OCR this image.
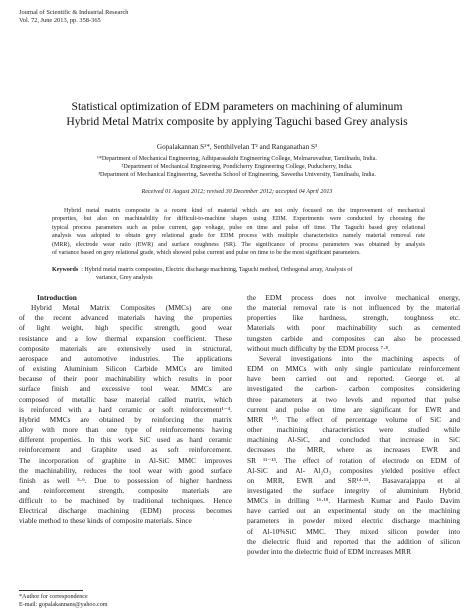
Journal of Scientific & Industrial Research
Vol. 72, June 2013, pp. 358-365
Statistical optimization of EDM parameters on machining of aluminum
Hybrid Metal Matrix composite by applying Taguchi based Grey analysis
Gopalakannan S¹*, Senthilvelan T² and Ranganathan S³
¹*Department of Mechanical Engineering, Adhiparasakthi Engineering College, Melmaruvathur, Tamilnadu, India.
²Department of Mechanical Engineering, Pondicherry Engineering College, Puducherry, India.
³Department of Mechanical Engineering, Saveetha School of Engineering, Saveetha University, Tamilnadu, India.
Received 01 August 2012; revised 30 December 2012; accepted 04 April 2013
Hybrid metal matrix composite is a recent kind of material which are not only focused on the improvement of mechanical
properties, but also on machinability for difficult-to-machine shapes using EDM. Experiments were conducted by choosing the
typical process parameters such as pulse current, gap voltage, pulse on time and pulse off time. The Taguchi based grey relational
analysis was adopted to obtain grey relational grade for EDM process with multiple characteristics namely material removal rate
(MRR), electrode wear ratio (EWR) and surface roughness (SR). The significance of process parameters was obtained by analysis
of variance based on grey relational grade, which showed pulse current and pulse on time to be the most significant parameters.
Keywords : Hybrid metal matrix composites, Electric discharge machining, Taguchi method, Orthogonal array, Analysis of
variance, Grey analysis
Introduction
Hybrid Metal Matrix Composites (MMCs) are one
of the recent advanced materials having the properties
of light weight, high specific strength, good wear
resistance and a low thermal expansion coefficient. These
composite materials are extensively used in structural,
aerospace and automotive industries. The applications
of existing Aluminium Silicon Carbide MMCs are limited
because of their poor machinability which results in poor
surface finish and excessive tool wear. MMCs are
composed of metallic base material called matrix, which
is reinforced with a hard ceramic or soft reinforcement¹⁻⁴.
Hybrid MMCs are obtained by reinforcing the matrix
alloy with more than one type of reinforcements having
different properties. In this work SiC used as hard ceramic
reinforcement and Graphite used as soft reinforcement.
The incorporation of graphite in Al-SiC MMC improves
the machinability, reduces the tool wear with good surface
finish as well ⁵·⁶. Due to possession of higher hardness
and reinforcement strength, composite materials are
difficult to be machined by traditional techniques. Hence
Electrical discharge machining (EDM) process becomes
viable method to these kinds of composite materials. Since
the EDM process does not involve mechanical energy,
the material removal rate is not influenced by the material
properties like hardness, strength, toughness etc.
Materials with poor machinability such as cemented
tungsten carbide and composites can also be processed
without much difficulty by the EDM process ⁷·⁸.
Several investigations into the machining aspects of
EDM on MMCs with only single particulate reinforcement
have been carried out and reported. George et. al
investigated the carbon- carbon composites considering
three parameters at two levels and reported that pulse
current and pulse on time are significant for EWR and
MRR ¹⁰. The effect of percentage volume of SiC and
other machining characteristics were studied while
machining Al-SiC, and concluded that increase in SiC
decreases the MRR, where as increases EWR and
SR ¹¹⁻¹³. The effect of rotation of electrode on EDM of
Al-SiC and Al- Al₂O₃ composites yielded positive effect
on MRR, EWR and SR¹⁴·¹⁵. Basavarajappa et al
investigated the surface integrity of aluminium Hybrid
MMCs in drilling ¹⁶·¹⁸. Harmesh Kumar and Paulo Davim
have carried out an experimental study on the machining
parameters in powder mixed electric discharge machining
of Al-10%SiC MMC. They mixed silicon powder into
the dielectric fluid and reported that the addition of silicon
powder into the dielectric fluid of EDM increases MRR
*Author for correspondence
E-mail: gopalakannans@yahoo.com
